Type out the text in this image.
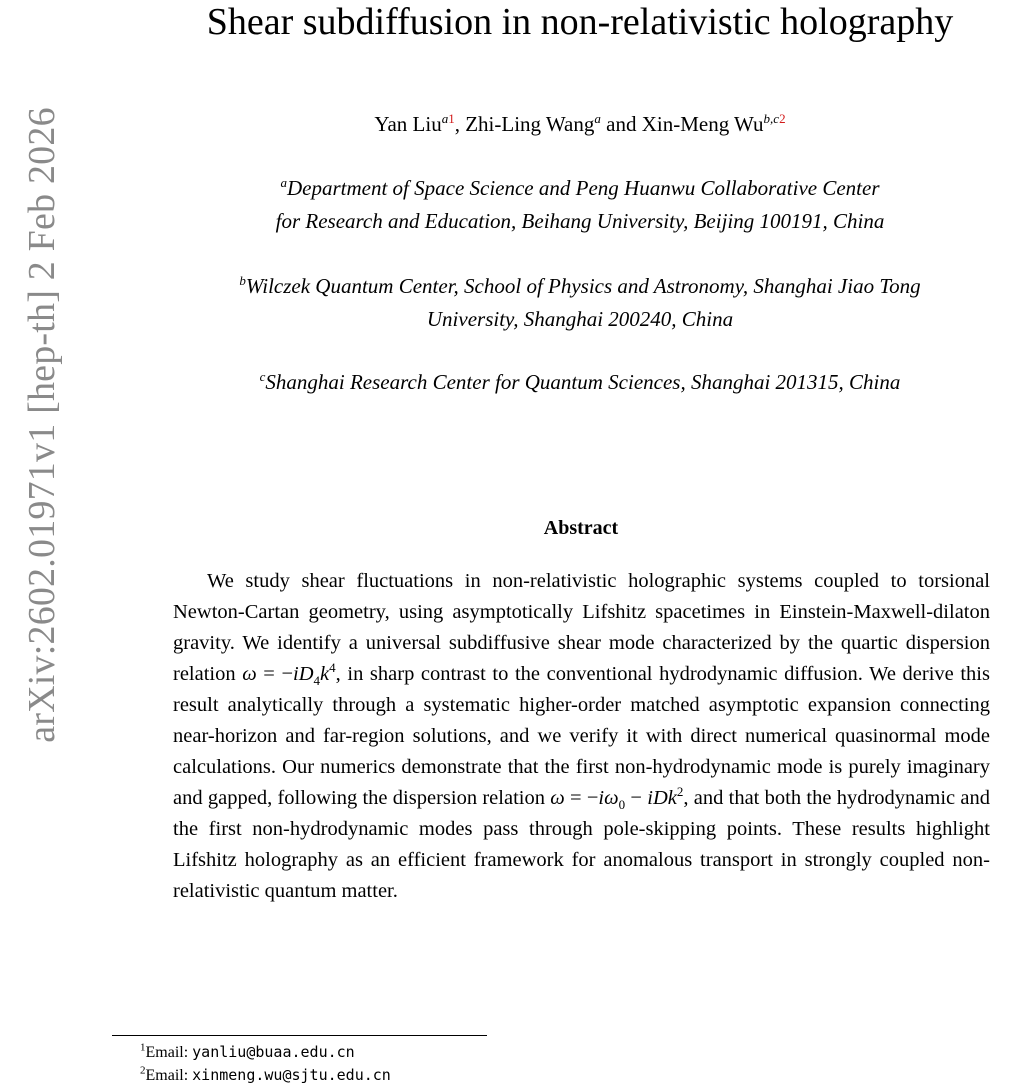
arXiv:2602.01971v1 [hep-th] 2 Feb 2026
Shear subdiffusion in non-relativistic holography
Yan Liu$^{a1}$, Zhi-Ling Wang$^a$ and Xin-Meng $Wu^{b,c2}$
$^a$Department of Space Science and Peng Huanwu Collaborative Center
for Research and Education, Beihang University, Beijing 100191, China
$^b$Wilczek Quantum Center, School of Physics and Astronomy, Shanghai Jiao Tong
University, Shanghai 200240, China
$^c$Shanghai Research Center for Quantum Sciences, Shanghai 201315, China
Abstract

We study shear fluctuations in non-relativistic holographic systems coupled to torsional Newton-Cartan geometry, using asymptotically Lifshitz spacetimes in Einstein-Maxwell-dilaton gravity. We identify a universal subdiffusive shear mode characterized by the quartic dispersion relation $\omega = -iD_4k^4$, in sharp contrast to the conventional hydrodynamic diffusion. We derive this result analytically through a systematic higher-order matched asymptotic expansion connecting near-horizon and far-region solutions, and we verify it with direct numerical quasinormal mode calculations. Our numerics demonstrate that the first non-hydrodynamic mode is purely imaginary and gapped, following the dispersion relation $\omega = -i\omega_0 - iDk^2$, and that both the hydrodynamic and the first non-hydrodynamic modes pass through pole-skipping points. These results highlight Lifshitz holography as an efficient framework for anomalous transport in strongly coupled non-relativistic quantum matter.

$^1$Email: yanliu@buaa.edu.cn
$^2$Email: xinmeng.wu@sjtu.edu.cn
